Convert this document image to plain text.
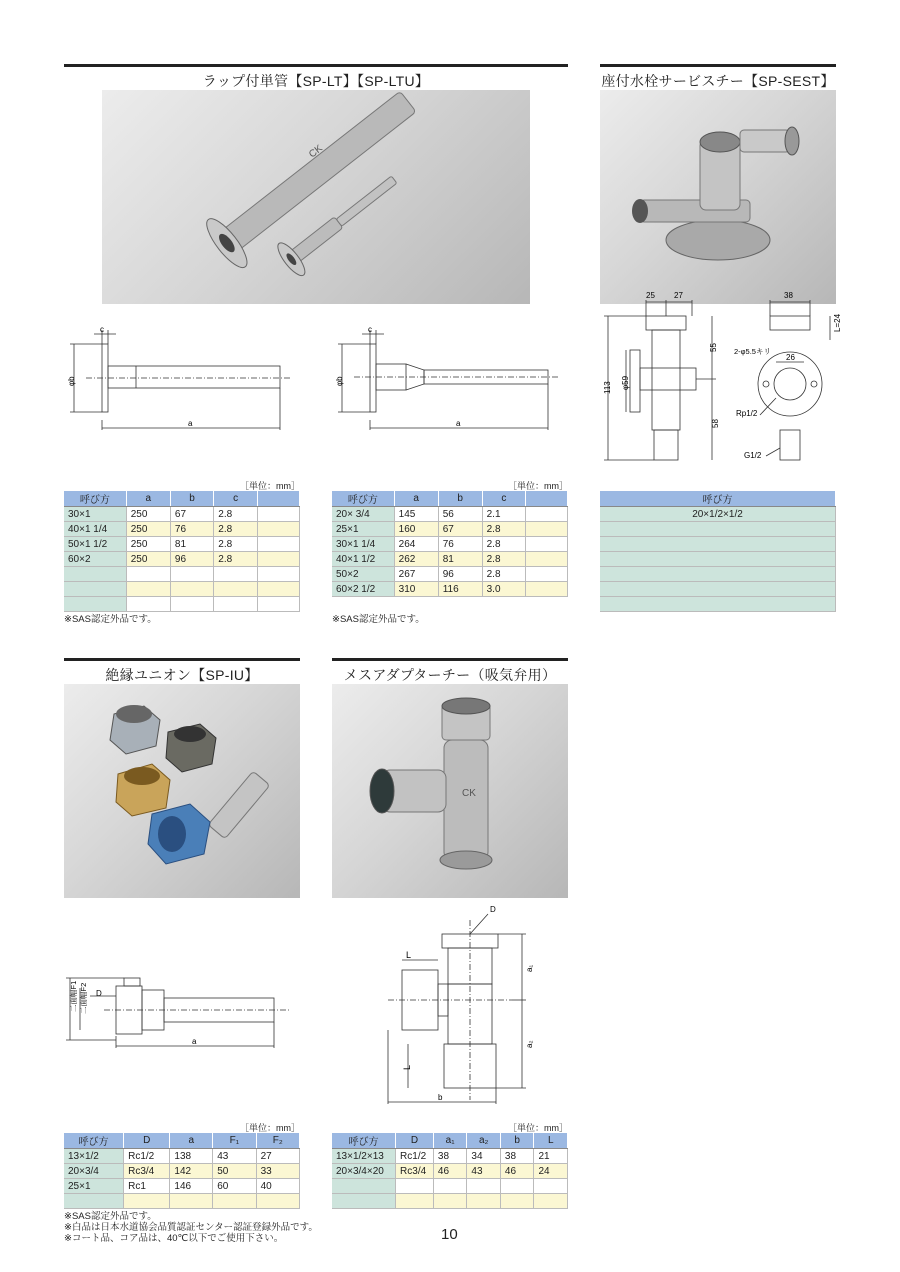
ラップ付単管【SP-LT】【SP-LTU】
CK
c
φb
a
c
φb
a
［単位：mm］
呼び方	a	b	c	
30×1	250	67	2.8	
40×1 1/4	250	76	2.8	
50×1 1/2	250	81	2.8	
60×2	250	96	2.8	

※SAS認定外品です。
［単位：mm］
呼び方	a	b	c	
20× 3/4	145	56	2.1	
25×1	160	67	2.8	
30×1 1/4	264	76	2.8	
40×1 1/2	262	81	2.8	
50×2	267	96	2.8	
60×2 1/2	310	116	3.0	
※SAS認定外品です。
座付水栓サービスチー【SP-SEST】
25 27	38
L=24
55
113 φ59
58
2-φ5.5キリ
26
Rp1/2
G1/2
呼び方
20×1/2×1/2

絶縁ユニオン【SP-IU】
二面幅F1 二面幅F2 D
a
［単位：mm］
呼び方	D	a	F₁	F₂
13×1/2	Rc1/2	138	43	27
20×3/4	Rc3/4	142	50	33
25×1	Rc1	146	60	40

※SAS認定外品です。
※白品は日本水道協会品質認証センター認証登録外品です。
※コート品、コア品は、40℃以下でご使用下さい。
メスアダプターチー（吸気弁用）
CK
D
L
L
a₁
a₂
b
［単位：mm］
呼び方	D	a₁	a₂	b	L
13×1/2×13	Rc1/2	38	34	38	21
20×3/4×20	Rc3/4	46	43	46	24

10
